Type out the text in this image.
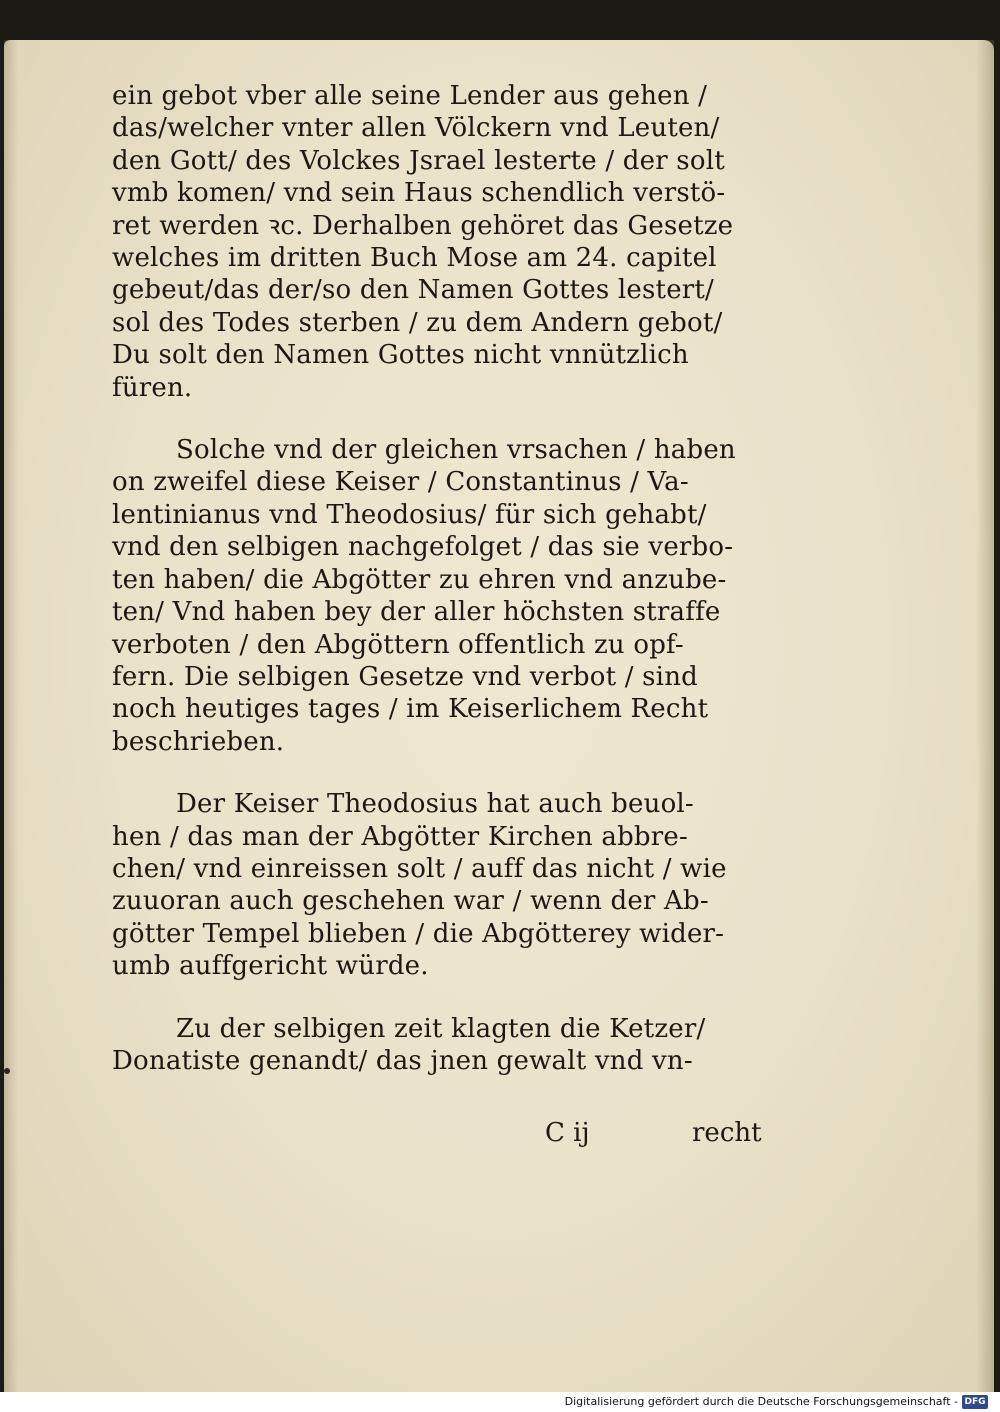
ein gebot vber alle seine Lender aus gehen /
das/welcher vnter allen Völckern vnd Leuten/
den Gott/ des Volckes Jsrael lesterte / der solt
vmb komen/ vnd sein Haus schendlich verstö-
ret werden ꝛc. Derhalben gehöret das Gesetze
welches im dritten Buch Mose am 24. capitel
gebeut/das der/so den Namen Gottes lestert/
sol des Todes sterben / zu dem Andern gebot/
Du solt den Namen Gottes nicht vnnützlich
füren.

Solche vnd der gleichen vrsachen / haben
on zweifel diese Keiser / Constantinus / Va-
lentinianus vnd Theodosius/ für sich gehabt/
vnd den selbigen nachgefolget / das sie verbo-
ten haben/ die Abgötter zu ehren vnd anzube-
ten/ Vnd haben bey der aller höchsten straffe
verboten / den Abgöttern offentlich zu opf-
fern. Die selbigen Gesetze vnd verbot / sind
noch heutiges tages / im Keiserlichem Recht
beschrieben.

Der Keiser Theodosius hat auch beuol-
hen / das man der Abgötter Kirchen abbre-
chen/ vnd einreissen solt / auff das nicht / wie
zuuoran auch geschehen war / wenn der Ab-
götter Tempel blieben / die Abgötterey wider-
umb auffgericht würde.

Zu der selbigen zeit klagten die Ketzer/
Donatiste genandt/ das jnen gewalt vnd vn-

C ij	recht
Digitalisierung gefördert durch die Deutsche Forschungsgemeinschaft - DFG
